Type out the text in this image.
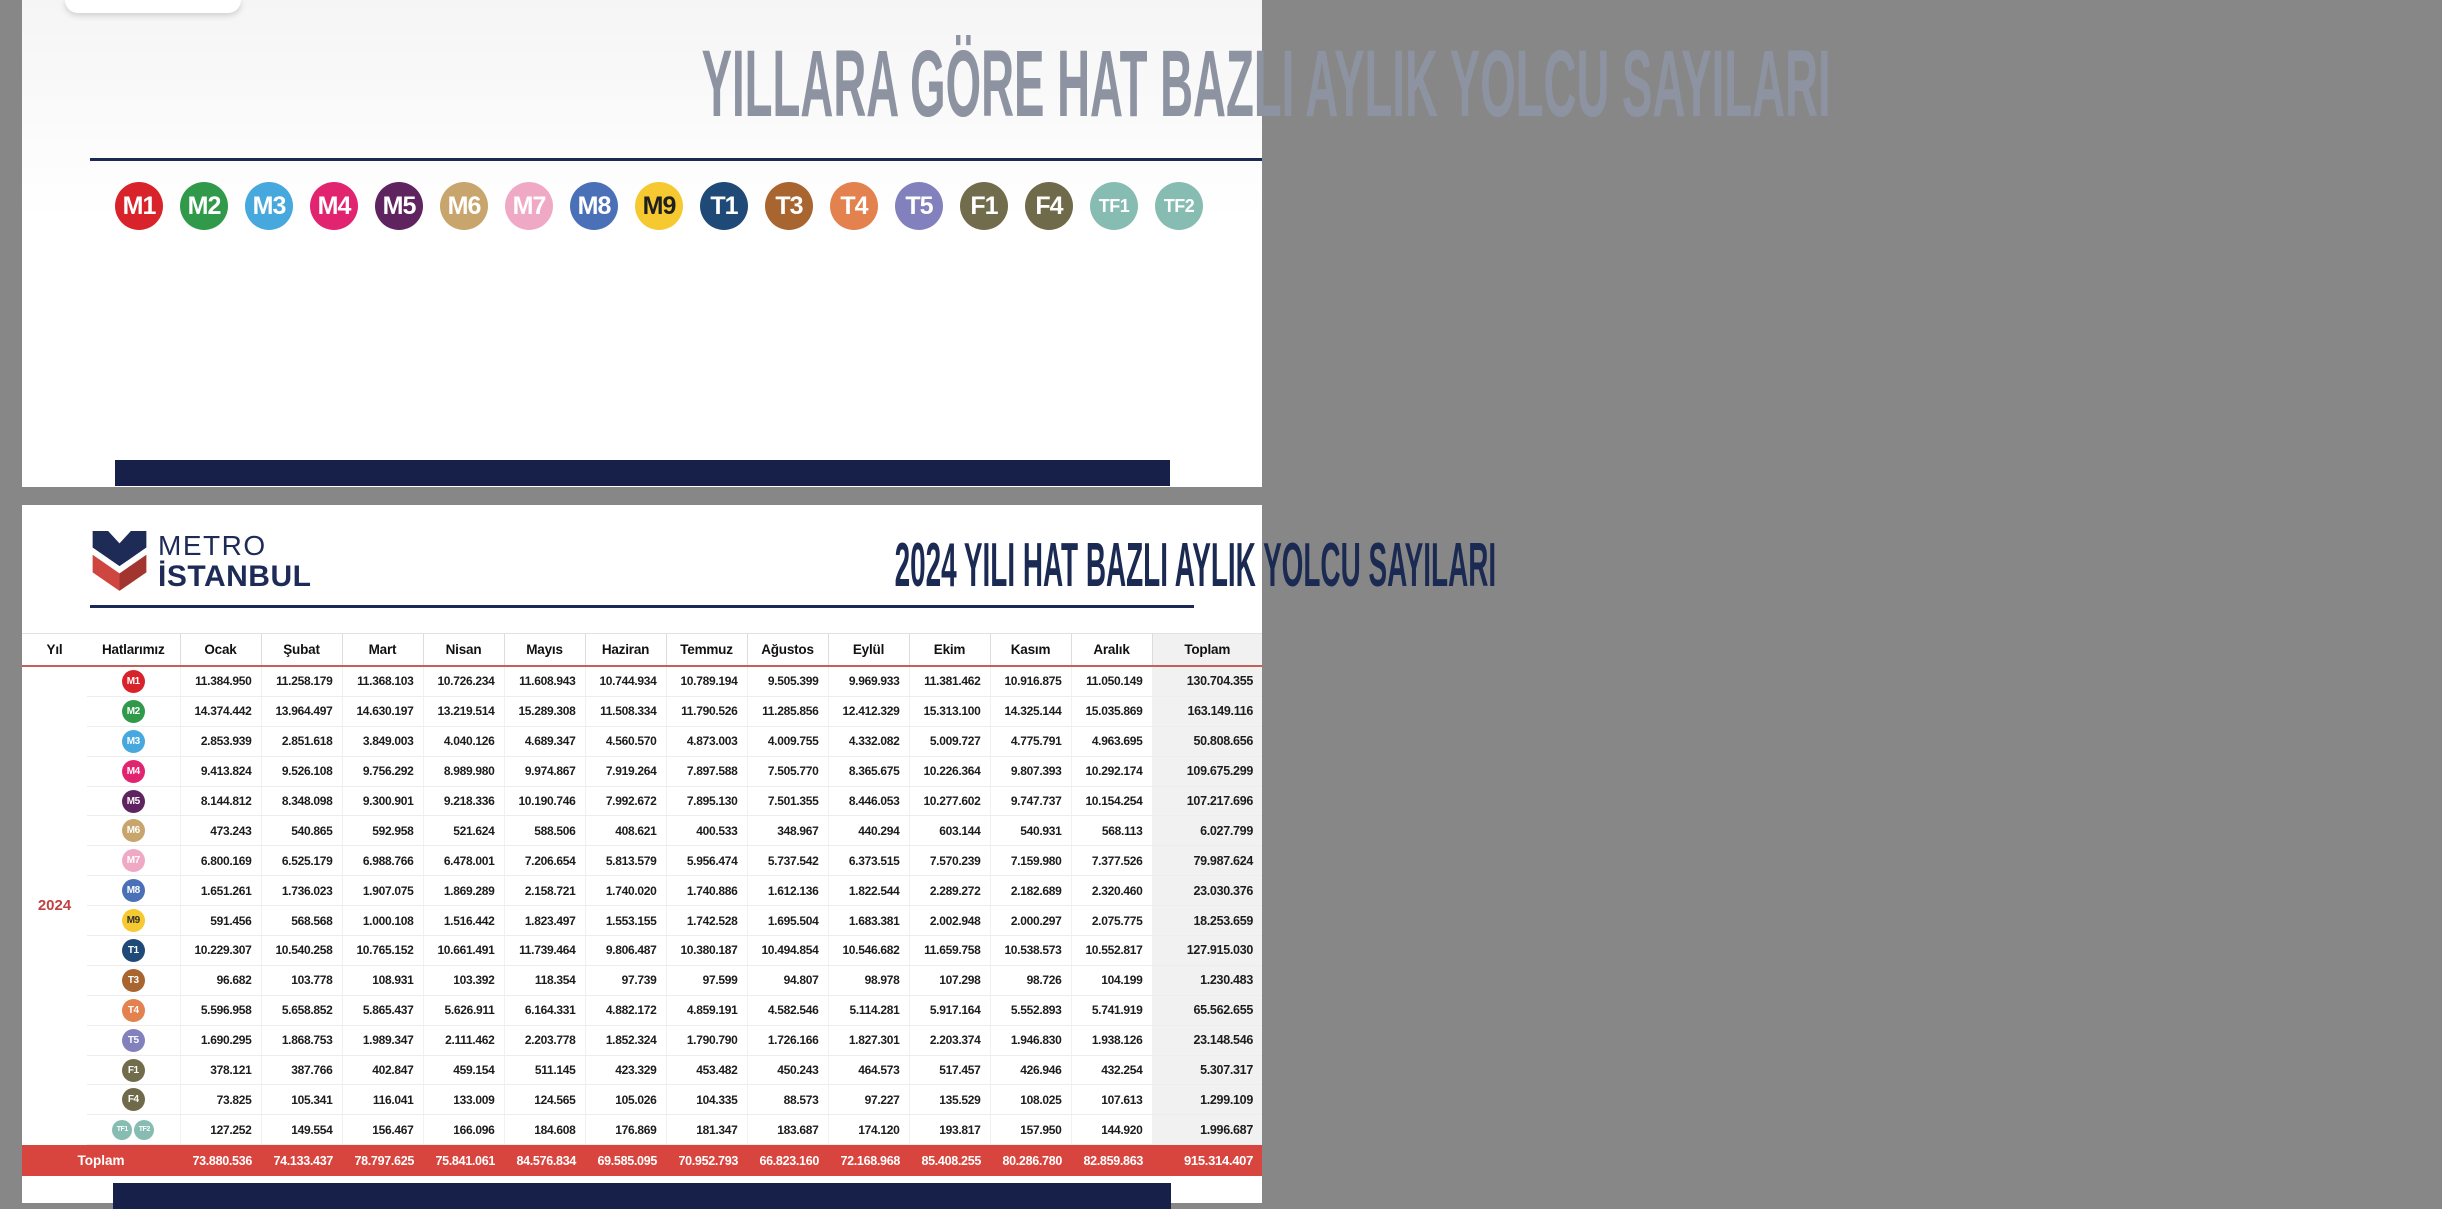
YILLARA GÖRE HAT BAZLI AYLIK YOLCU SAYILARI
M1	M2	M3	M4	M5	M6	M7	M8	M9	T1	T3	T4	T5	F1	F4	TF1	TF2
METRO
İSTANBUL	2024 YILI HAT BAZLI AYLIK YOLCU SAYILARI
Yıl	Hatlarımız	Ocak	Şubat	Mart	Nisan	Mayıs	Haziran	Temmuz	Ağustos	Eylül	Ekim	Kasım	Aralık	Toplam
2024	M1	11.384.950	11.258.179	11.368.103	10.726.234	11.608.943	10.744.934	10.789.194	9.505.399	9.969.933	11.381.462	10.916.875	11.050.149	130.704.355
	M2	14.374.442	13.964.497	14.630.197	13.219.514	15.289.308	11.508.334	11.790.526	11.285.856	12.412.329	15.313.100	14.325.144	15.035.869	163.149.116
	M3	2.853.939	2.851.618	3.849.003	4.040.126	4.689.347	4.560.570	4.873.003	4.009.755	4.332.082	5.009.727	4.775.791	4.963.695	50.808.656
	M4	9.413.824	9.526.108	9.756.292	8.989.980	9.974.867	7.919.264	7.897.588	7.505.770	8.365.675	10.226.364	9.807.393	10.292.174	109.675.299
	M5	8.144.812	8.348.098	9.300.901	9.218.336	10.190.746	7.992.672	7.895.130	7.501.355	8.446.053	10.277.602	9.747.737	10.154.254	107.217.696
	M6	473.243	540.865	592.958	521.624	588.506	408.621	400.533	348.967	440.294	603.144	540.931	568.113	6.027.799
	M7	6.800.169	6.525.179	6.988.766	6.478.001	7.206.654	5.813.579	5.956.474	5.737.542	6.373.515	7.570.239	7.159.980	7.377.526	79.987.624
	M8	1.651.261	1.736.023	1.907.075	1.869.289	2.158.721	1.740.020	1.740.886	1.612.136	1.822.544	2.289.272	2.182.689	2.320.460	23.030.376
	M9	591.456	568.568	1.000.108	1.516.442	1.823.497	1.553.155	1.742.528	1.695.504	1.683.381	2.002.948	2.000.297	2.075.775	18.253.659
	T1	10.229.307	10.540.258	10.765.152	10.661.491	11.739.464	9.806.487	10.380.187	10.494.854	10.546.682	11.659.758	10.538.573	10.552.817	127.915.030
	T3	96.682	103.778	108.931	103.392	118.354	97.739	97.599	94.807	98.978	107.298	98.726	104.199	1.230.483
	T4	5.596.958	5.658.852	5.865.437	5.626.911	6.164.331	4.882.172	4.859.191	4.582.546	5.114.281	5.917.164	5.552.893	5.741.919	65.562.655
	T5	1.690.295	1.868.753	1.989.347	2.111.462	2.203.778	1.852.324	1.790.790	1.726.166	1.827.301	2.203.374	1.946.830	1.938.126	23.148.546
	F1	378.121	387.766	402.847	459.154	511.145	423.329	453.482	450.243	464.573	517.457	426.946	432.254	5.307.317
	F4	73.825	105.341	116.041	133.009	124.565	105.026	104.335	88.573	97.227	135.529	108.025	107.613	1.299.109
	TF1 TF2	127.252	149.554	156.467	166.096	184.608	176.869	181.347	183.687	174.120	193.817	157.950	144.920	1.996.687
Toplam		73.880.536	74.133.437	78.797.625	75.841.061	84.576.834	69.585.095	70.952.793	66.823.160	72.168.968	85.408.255	80.286.780	82.859.863	915.314.407
